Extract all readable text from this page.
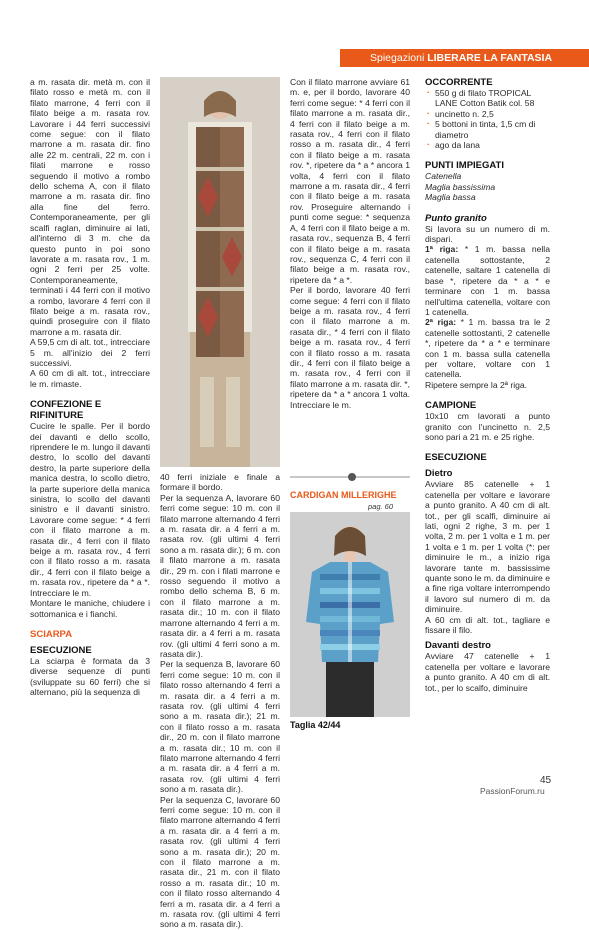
Spiegazioni LIBERARE LA FANTASIA

a m. rasata dir. metà m. con il filato rosso e metà m. con il filato marrone, 4 ferri con il filato beige a m. rasata rov. Lavorare i 44 ferri successivi come segue: con il filato marrone a m. rasata dir. fino alle 22 m. centrali, 22 m. con i filati marrone e rosso seguendo il motivo a rombo dello schema A, con il filato marrone a m. rasata dir. fino alla fine del ferro. Contemporaneamente, per gli scalfi raglan, diminuire ai lati, all'interno di 3 m. che da questo punto in poi sono lavorate a m. rasata rov., 1 m. ogni 2 ferri per 25 volte. Contemporaneamente, terminati i 44 ferri con il motivo a rombo, lavorare 4 ferri con il filato beige a m. rasata rov., quindi proseguire con il filato marrone a m. rasata dir.

A 59,5 cm di alt. tot., intrecciare 5 m. all'inizio dei 2 ferri successivi.

A 60 cm di alt. tot., intrecciare le m. rimaste.

CONFEZIONE E RIFINITURE

Cucire le spalle. Per il bordo dei davanti e dello scollo, riprendere le m. lungo il davanti destro, lo scollo del davanti destro, la parte superiore della manica destra, lo scollo dietro, la parte superiore della manica sinistra, lo scollo del davanti sinistro e il davanti sinistro. Lavorare come segue: * 4 ferri con il filato marrone a m. rasata dir., 4 ferri con il filato beige a m. rasata rov., 4 ferri con il filato rosso a m. rasata dir., 4 ferri con il filato beige a m. rasata rov., ripetere da * a *. Intrecciare le m.

Montare le maniche, chiudere i sottomanica e i fianchi.

SCIARPA
ESECUZIONE

La sciarpa è formata da 3 diverse sequenze di punti (sviluppate su 60 ferri) che si alternano, più la sequenza di

40 ferri iniziale e finale a formare il bordo.

Per la sequenza A, lavorare 60 ferri come segue: 10 m. con il filato marrone alternando 4 ferri a m. rasata dir. a 4 ferri a m. rasata rov. (gli ultimi 4 ferri sono a m. rasata dir.); 6 m. con il filato marrone a m. rasata dir., 29 m. con i filati marrone e rosso seguendo il motivo a rombo dello schema B, 6 m. con il filato marrone a m. rasata dir.; 10 m. con il filato marrone alternando 4 ferri a m. rasata dir. a 4 ferri a m. rasata rov. (gli ultimi 4 ferri sono a m. rasata dir.).

Per la sequenza B, lavorare 60 ferri come segue: 10 m. con il filato rosso alternando 4 ferri a m. rasata dir. a 4 ferri a m. rasata rov. (gli ultimi 4 ferri sono a m. rasata dir.); 21 m. con il filato rosso a m. rasata dir., 20 m. con il filato marrone a m. rasata dir.; 10 m. con il filato marrone alternando 4 ferri a m. rasata dir. a 4 ferri a m. rasata rov. (gli ultimi 4 ferri sono a m. rasata dir.).

Per la sequenza C, lavorare 60 ferri come segue: 10 m. con il filato marrone alternando 4 ferri a m. rasata dir. a 4 ferri a m. rasata rov. (gli ultimi 4 ferri sono a m. rasata dir.); 20 m. con il filato marrone a m. rasata dir., 21 m. con il filato rosso a m. rasata dir.; 10 m. con il filato rosso alternando 4 ferri a m. rasata dir. a 4 ferri a m. rasata rov. (gli ultimi 4 ferri sono a m. rasata dir.).

Con il filato marrone avviare 61 m. e, per il bordo, lavorare 40 ferri come segue: * 4 ferri con il filato marrone a m. rasata dir., 4 ferri con il filato beige a m. rasata rov., 4 ferri con il filato rosso a m. rasata dir., 4 ferri con il filato beige a m. rasata rov. *, ripetere da * a * ancora 1 volta, 4 ferri con il filato marrone a m. rasata dir., 4 ferri con il filato beige a m. rasata rov. Proseguire alternando i punti come segue: * sequenza A, 4 ferri con il filato beige a m. rasata rov., sequenza B, 4 ferri con il filato beige a m. rasata rov., sequenza C, 4 ferri con il filato beige a m. rasata rov., ripetere da * a *.

Per il bordo, lavorare 40 ferri come segue: 4 ferri con il filato beige a m. rasata rov., 4 ferri con il filato marrone a m. rasata dir., * 4 ferri con il filato beige a m. rasata rov., 4 ferri con il filato rosso a m. rasata dir., 4 ferri con il filato beige a m. rasata rov., 4 ferri con il filato marrone a m. rasata dir. *, ripetere da * a * ancora 1 volta. Intrecciare le m.

CARDIGAN MILLERIGHE
pag. 60
Taglia 42/44
OCCORRENTE
· 550 g di filato TROPICAL LANE Cotton Batik col. 58
· uncinetto n. 2,5
· 5 bottoni in tinta, 1,5 cm di diametro
· ago da lana
PUNTI IMPIEGATI
Catenella
Maglia bassissima
Maglia bassa
Punto granito

Si lavora su un numero di m. dispari.

1ª riga: * 1 m. bassa nella catenella sottostante, 2 catenelle, saltare 1 catenella di base *, ripetere da * a * e terminare con 1 m. bassa nell'ultima catenella, voltare con 1 catenella.

2ª riga: * 1 m. bassa tra le 2 catenelle sottostanti, 2 catenelle *, ripetere da * a * e terminare con 1 m. bassa sulla catenella per voltare, voltare con 1 catenella.

Ripetere sempre la 2ª riga.

CAMPIONE

10x10 cm lavorati a punto granito con l'uncinetto n. 2,5 sono pari a 21 m. e 25 righe.

ESECUZIONE
Dietro

Avviare 85 catenelle + 1 catenella per voltare e lavorare a punto granito. A 40 cm di alt. tot., per gli scalfi, diminuire ai lati, ogni 2 righe, 3 m. per 1 volta, 2 m. per 1 volta e 1 m. per 1 volta e 1 m. per 1 volta (*: per diminuire le m., a inizio riga lavorare tante m. bassissime quante sono le m. da diminuire e a fine riga voltare interrompendo il lavoro sul numero di m. da diminuire.

A 60 cm di alt. tot., tagliare e fissare il filo.

Davanti destro

Avviare 47 catenelle + 1 catenella per voltare e lavorare a punto granito. A 40 cm di alt. tot., per lo scalfo, diminuire

45
PassionForum.ru
